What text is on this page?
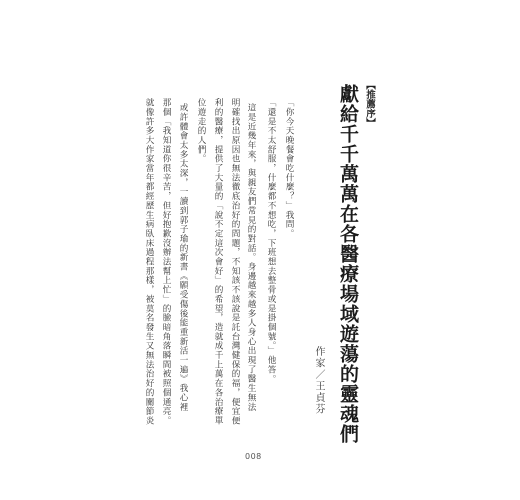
【推薦序】
獻給千千萬萬在各醫療場域遊蕩的靈魂們
作家／王貞芬
「你今天晚餐會吃什麼？」我問。
「還是不太舒服，什麼都不想吃，下班想去整骨或是掛個號。」他答。
這是近幾年來，與親友們常見的對話。身邊越來越多人身心出現了醫生無法
明確找出原因也無法徹底治好的問題，不知該不該說是託台灣健保的福，便宜便
利的醫療，提供了大量的「說不定這次會好」的希望，造就成千上萬在各治療單
位遊走的人們。
或許體會太多太深，一讀到郭子瑜的新書《願受傷後能重新活一遍》我心裡
那個「我知道你很辛苦，但好抱歉沒辦法幫上忙」的臉暗角落瞬間被照個通亮。
就像許多大作家當年都經歷生病臥床過程那樣，被莫名發生又無法治好的關節炎
008
